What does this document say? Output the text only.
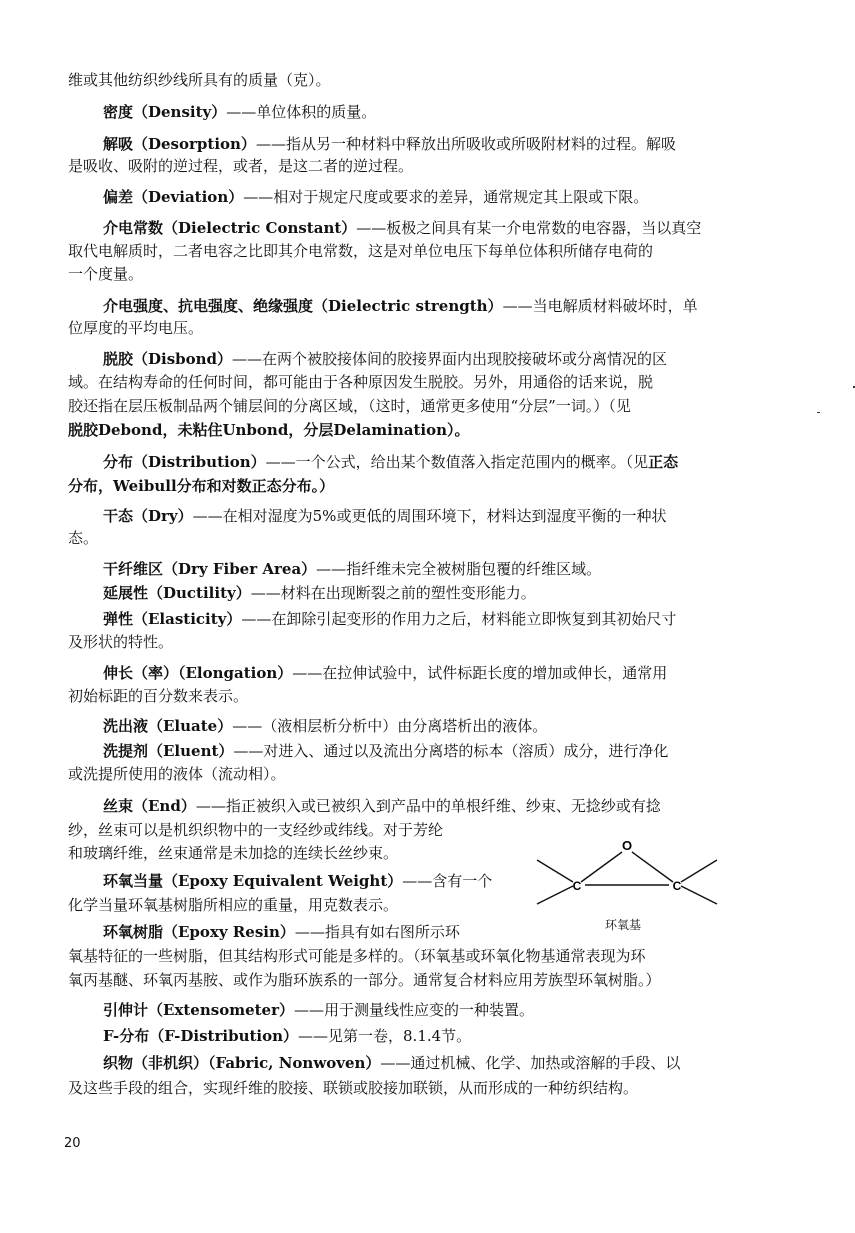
维或其他纺织纱线所具有的质量（克）。
密度（Density）——单位体积的质量。
解吸（Desorption）——指从另一种材料中释放出所吸收或所吸附材料的过程。解吸
是吸收、吸附的逆过程，或者，是这二者的逆过程。
偏差（Deviation）——相对于规定尺度或要求的差异，通常规定其上限或下限。
介电常数（Dielectric Constant）——板极之间具有某一介电常数的电容器，当以真空
取代电解质时，二者电容之比即其介电常数，这是对单位电压下每单位体积所储存电荷的
一个度量。
介电强度、抗电强度、绝缘强度（Dielectric strength）——当电解质材料破坏时，单
位厚度的平均电压。
脱胶（Disbond）——在两个被胶接体间的胶接界面内出现胶接破坏或分离情况的区
域。在结构寿命的任何时间，都可能由于各种原因发生脱胶。另外，用通俗的话来说，脱
胶还指在层压板制品两个铺层间的分离区域，（这时，通常更多使用“分层”一词。）（见
脱胶Debond，未粘住Unbond，分层Delamination）。
分布（Distribution）——一个公式，给出某个数值落入指定范围内的概率。（见正态
分布，Weibull分布和对数正态分布。）
干态（Dry）——在相对湿度为5%或更低的周围环境下，材料达到湿度平衡的一种状
态。
干纤维区（Dry Fiber Area）——指纤维未完全被树脂包覆的纤维区域。
延展性（Ductility）——材料在出现断裂之前的塑性变形能力。
弹性（Elasticity）——在卸除引起变形的作用力之后，材料能立即恢复到其初始尺寸
及形状的特性。
伸长（率）（Elongation）——在拉伸试验中，试件标距长度的增加或伸长，通常用
初始标距的百分数来表示。
洗出液（Eluate）——（液相层析分析中）由分离塔析出的液体。
洗提剂（Eluent）——对进入、通过以及流出分离塔的标本（溶质）成分，进行净化
或洗提所使用的液体（流动相）。
丝束（End）——指正被织入或已被织入到产品中的单根纤维、纱束、无捻纱或有捻
纱，丝束可以是机织织物中的一支经纱或纬线。对于芳纶
和玻璃纤维，丝束通常是未加捻的连续长丝纱束。
环氧当量（Epoxy Equivalent Weight）——含有一个
化学当量环氧基树脂所相应的重量，用克数表示。
环氧树脂（Epoxy Resin）——指具有如右图所示环
氧基特征的一些树脂，但其结构形式可能是多样的。（环氧基或环氧化物基通常表现为环
氧丙基醚、环氧丙基胺、或作为脂环族系的一部分。通常复合材料应用芳族型环氧树脂。）
引伸计（Extensometer）——用于测量线性应变的一种装置。
F-分布（F-Distribution）——见第一卷，8.1.4节。
织物（非机织）（Fabric, Nonwoven）——通过机械、化学、加热或溶解的手段、以
及这些手段的组合，实现纤维的胶接、联锁或胶接加联锁，从而形成的一种纺织结构。
O
C	C
环氧基
20
